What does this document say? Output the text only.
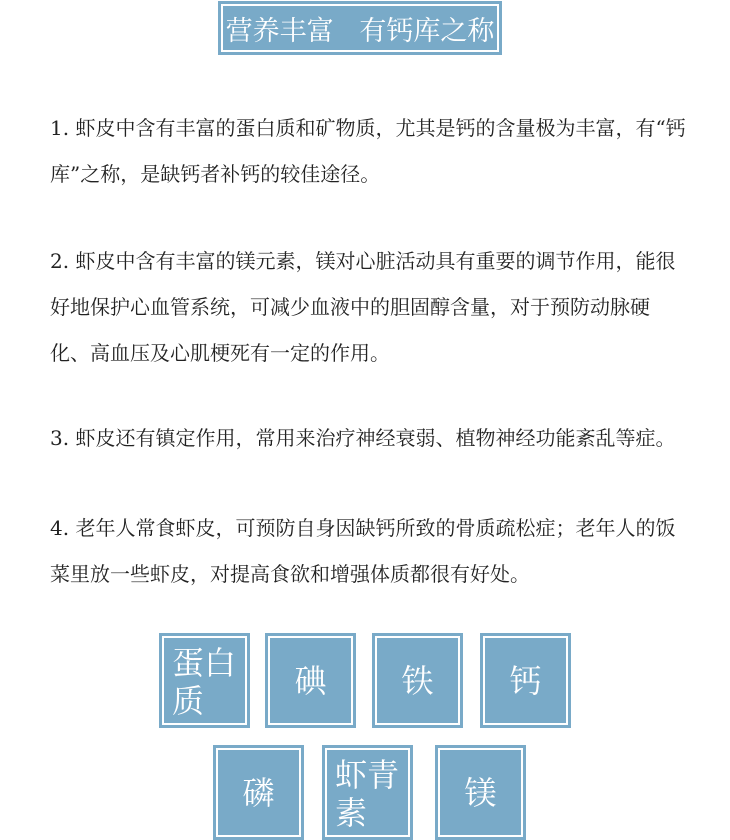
营养丰富   有钙库之称

1. 虾皮中含有丰富的蛋白质和矿物质，尤其是钙的含量极为丰富，有“钙库”之称，是缺钙者补钙的较佳途径。

2. 虾皮中含有丰富的镁元素，镁对心脏活动具有重要的调节作用，能很好地保护心血管系统，可减少血液中的胆固醇含量，对于预防动脉硬化、高血压及心肌梗死有一定的作用。

3. 虾皮还有镇定作用，常用来治疗神经衰弱、植物神经功能紊乱等症。

4. 老年人常食虾皮，可预防自身因缺钙所致的骨质疏松症；老年人的饭菜里放一些虾皮，对提高食欲和增强体质都很有好处。

蛋白质
碘	铁	钙
磷	虾青素
镁
